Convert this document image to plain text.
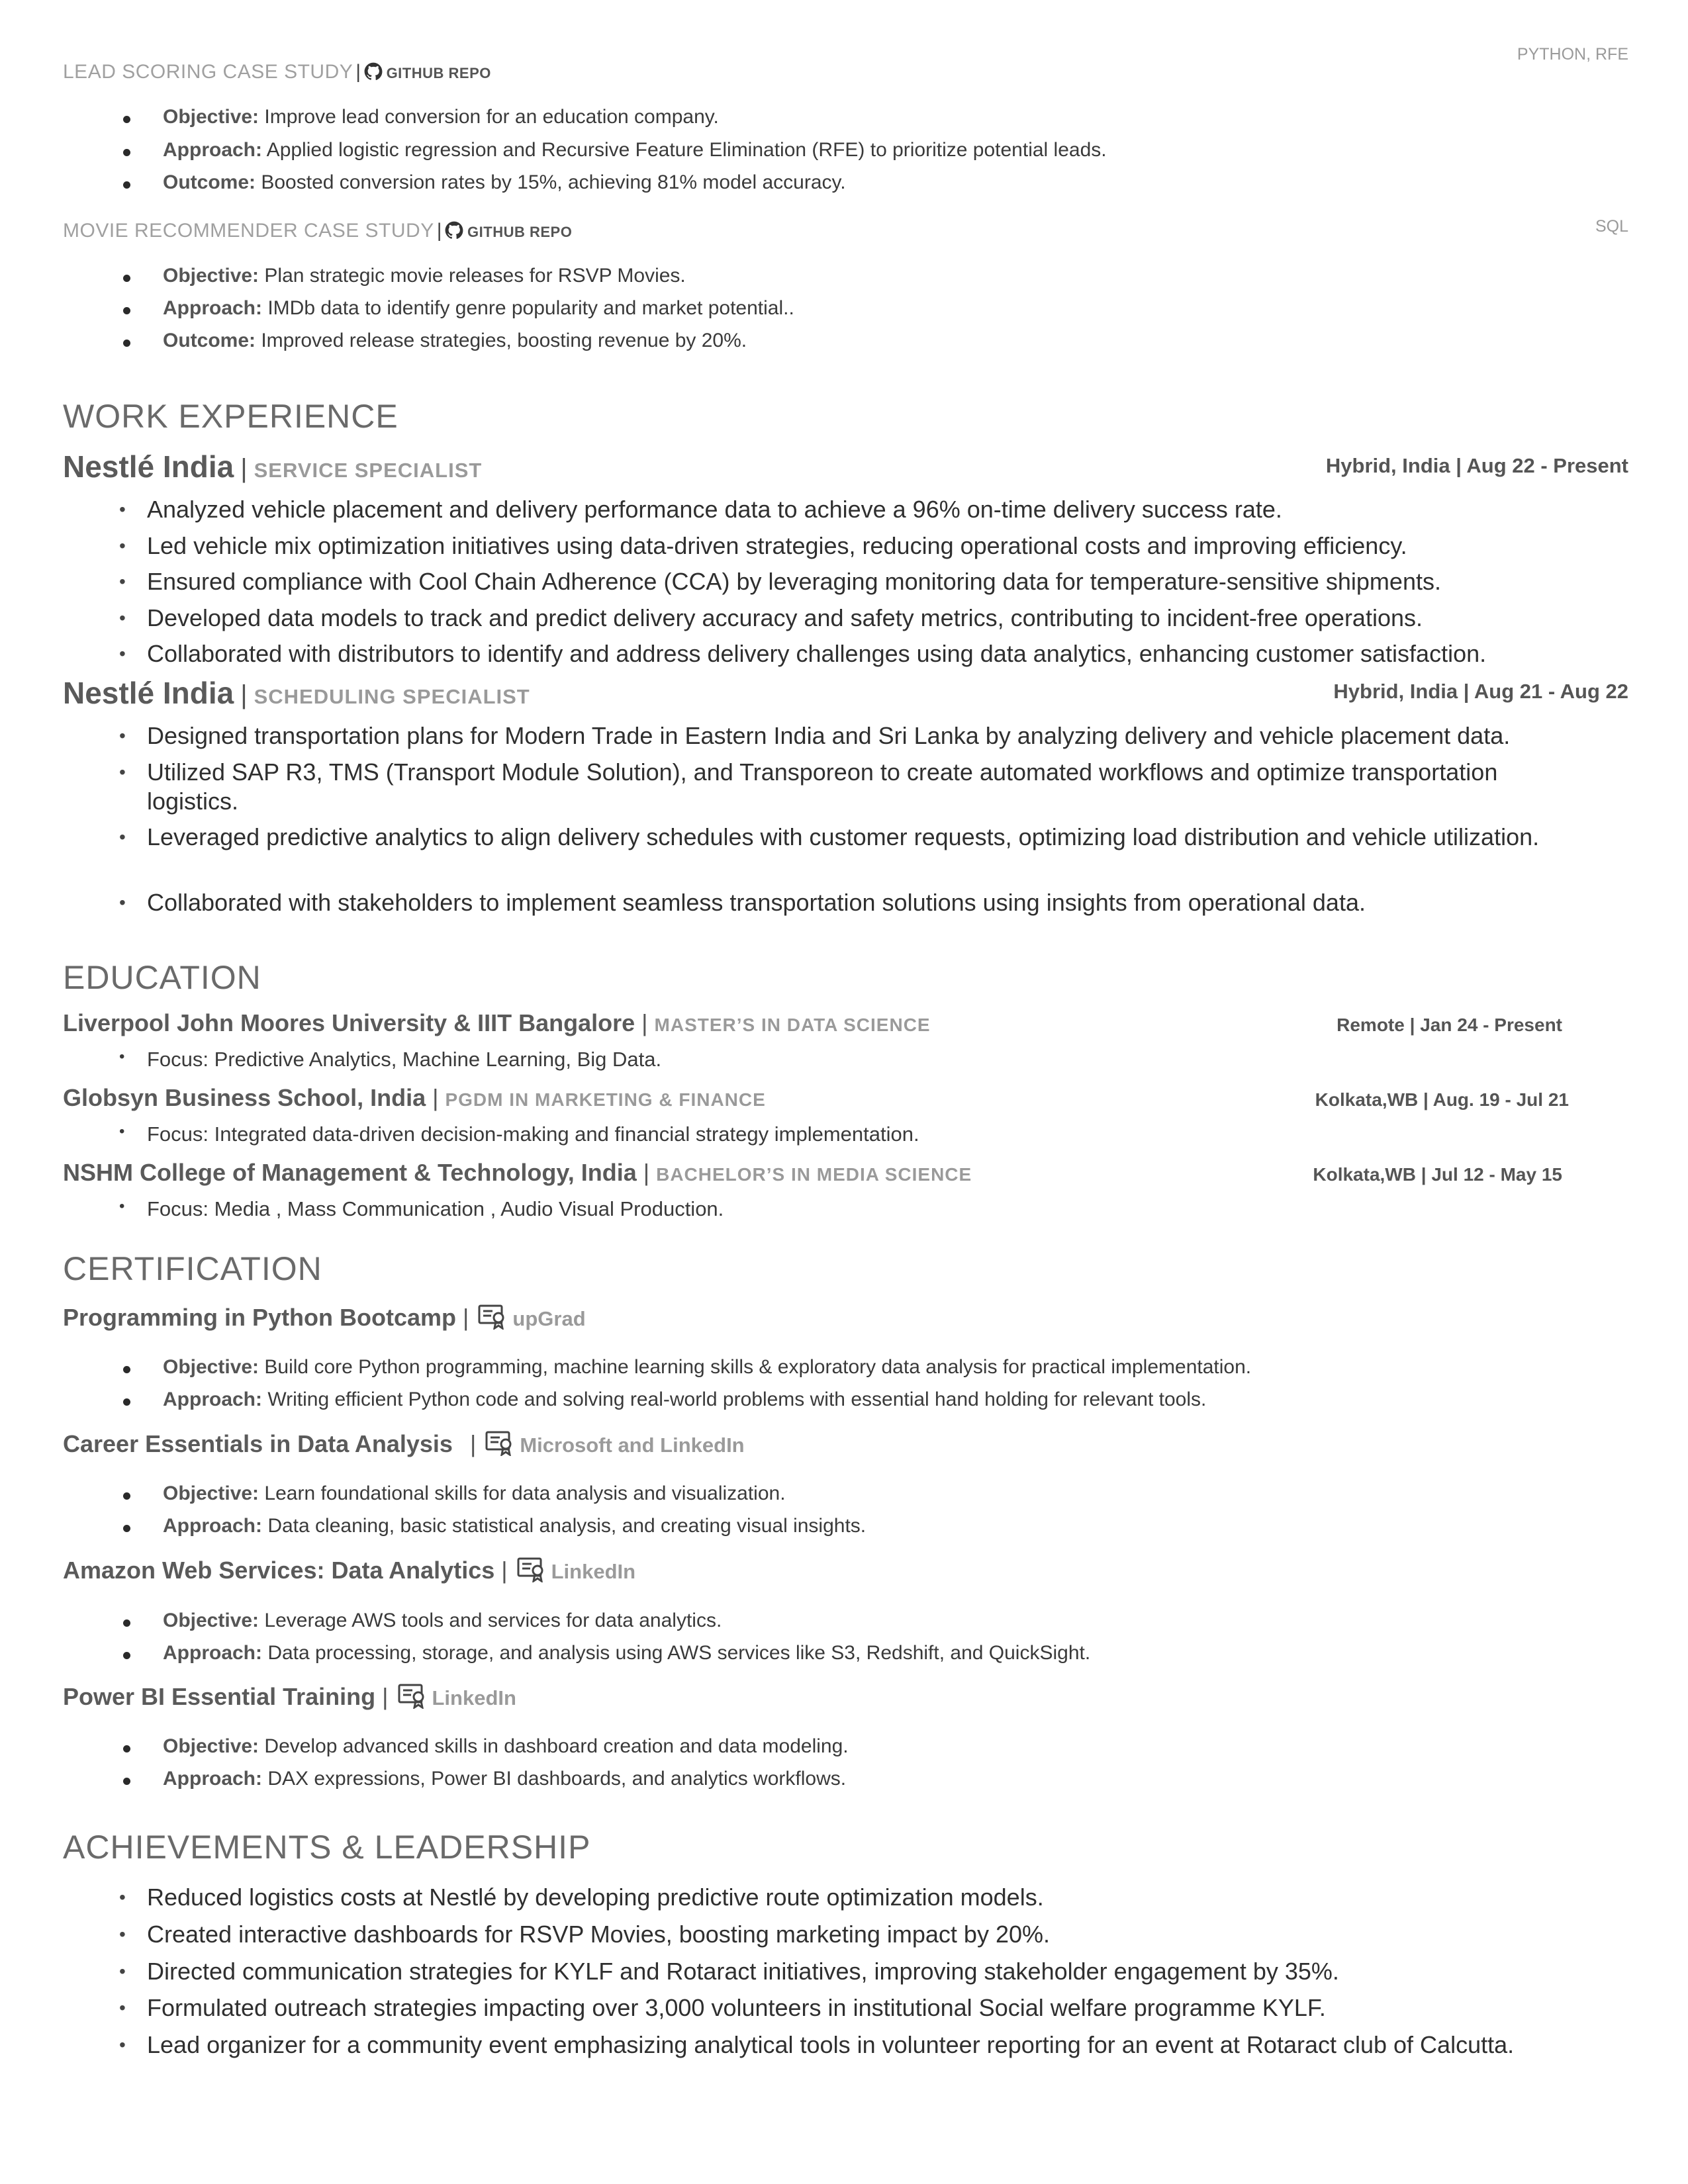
LEAD SCORING CASE STUDY | GITHUB REPO
PYTHON, RFE
Objective: Improve lead conversion for an education company.
Approach: Applied logistic regression and Recursive Feature Elimination (RFE) to prioritize potential leads.
Outcome: Boosted conversion rates by 15%, achieving 81% model accuracy.
MOVIE RECOMMENDER CASE STUDY | GITHUB REPO	SQL
Objective: Plan strategic movie releases for RSVP Movies.
Approach: IMDb data to identify genre popularity and market potential..
Outcome: Improved release strategies, boosting revenue by 20%.
WORK EXPERIENCE
Nestlé India | SERVICE SPECIALIST	Hybrid, India | Aug 22 - Present
• Analyzed vehicle placement and delivery performance data to achieve a 96% on-time delivery success rate.
• Led vehicle mix optimization initiatives using data-driven strategies, reducing operational costs and improving efficiency.
• Ensured compliance with Cool Chain Adherence (CCA) by leveraging monitoring data for temperature-sensitive shipments.
• Developed data models to track and predict delivery accuracy and safety metrics, contributing to incident-free operations.
• Collaborated with distributors to identify and address delivery challenges using data analytics, enhancing customer satisfaction.
Nestlé India | SCHEDULING SPECIALIST	Hybrid, India | Aug 21 - Aug 22
• Designed transportation plans for Modern Trade in Eastern India and Sri Lanka by analyzing delivery and vehicle placement data.
• Utilized SAP R3, TMS (Transport Module Solution), and Transporeon to create automated workflows and optimize transportation logistics.
• Leveraged predictive analytics to align delivery schedules with customer requests, optimizing load distribution and vehicle utilization.
• Collaborated with stakeholders to implement seamless transportation solutions using insights from operational data.
EDUCATION
Liverpool John Moores University & IIIT Bangalore | MASTER’S IN DATA SCIENCE	Remote | Jan 24 - Present
• Focus: Predictive Analytics, Machine Learning, Big Data.
Globsyn Business School, India | PGDM IN MARKETING & FINANCE	Kolkata,WB | Aug. 19 - Jul 21
• Focus: Integrated data-driven decision-making and financial strategy implementation.
NSHM College of Management & Technology, India | BACHELOR’S IN MEDIA SCIENCE	Kolkata,WB | Jul 12 - May 15
• Focus: Media , Mass Communication , Audio Visual Production.
CERTIFICATION
Programming in Python Bootcamp | upGrad
Objective: Build core Python programming, machine learning skills & exploratory data analysis for practical implementation.
Approach: Writing efficient Python code and solving real-world problems with essential hand holding for relevant tools.
Career Essentials in Data Analysis | Microsoft and LinkedIn
Objective: Learn foundational skills for data analysis and visualization.
Approach: Data cleaning, basic statistical analysis, and creating visual insights.
Amazon Web Services: Data Analytics | LinkedIn
Objective: Leverage AWS tools and services for data analytics.
Approach: Data processing, storage, and analysis using AWS services like S3, Redshift, and QuickSight.
Power BI Essential Training | LinkedIn
Objective: Develop advanced skills in dashboard creation and data modeling.
Approach: DAX expressions, Power BI dashboards, and analytics workflows.
ACHIEVEMENTS & LEADERSHIP
• Reduced logistics costs at Nestlé by developing predictive route optimization models.
• Created interactive dashboards for RSVP Movies, boosting marketing impact by 20%.
• Directed communication strategies for KYLF and Rotaract initiatives, improving stakeholder engagement by 35%.
• Formulated outreach strategies impacting over 3,000 volunteers in institutional Social welfare programme KYLF.
• Lead organizer for a community event emphasizing analytical tools in volunteer reporting for an event at Rotaract club of Calcutta.
